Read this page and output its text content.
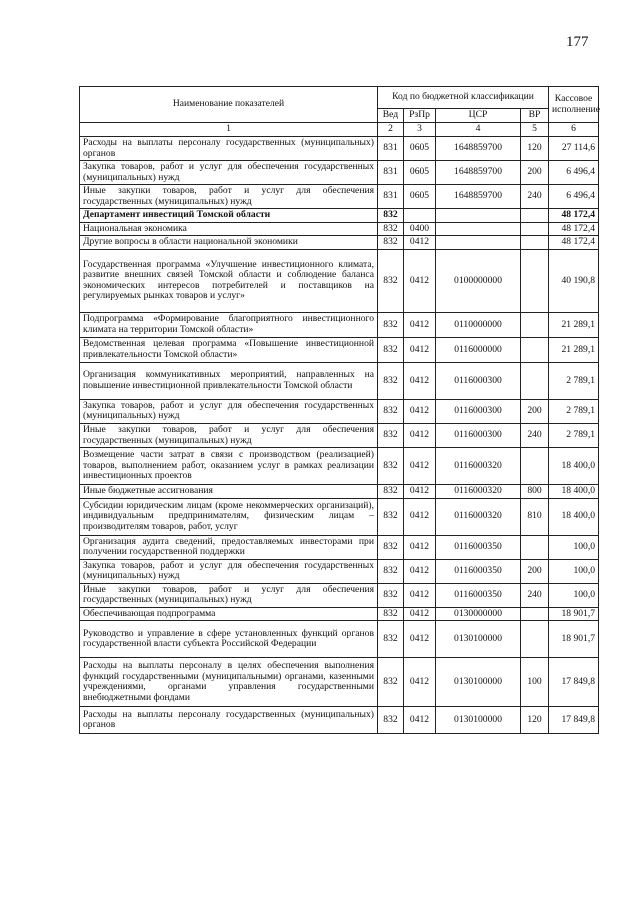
177
Наименование показателей	Код по бюджетной классификации				Кассовое исполнение
	Вед	РзПр	ЦСР	ВР	
1	2	3	4	5	6
Расходы на выплаты персоналу государственных (муниципальных) органов	831	0605	1648859700	120	27 114,6
Закупка товаров, работ и услуг для обеспечения государственных (муниципальных) нужд	831	0605	1648859700	200	6 496,4
Иные закупки товаров, работ и услуг для обеспечения государственных (муниципальных) нужд	831	0605	1648859700	240	6 496,4
Департамент инвестиций Томской области	832				48 172,4
Национальная экономика	832	0400			48 172,4
Другие вопросы в области национальной экономики	832	0412			48 172,4
Государственная программа «Улучшение инвестиционного климата, развитие внешних связей Томской области и соблюдение баланса экономических интересов потребителей и поставщиков на регулируемых рынках товаров и услуг»	832	0412	0100000000		40 190,8
Подпрограмма «Формирование благоприятного инвестиционного климата на территории Томской области»	832	0412	0110000000		21 289,1
Ведомственная целевая программа «Повышение инвестиционной привлекательности Томской области»	832	0412	0116000000		21 289,1
Организация коммуникативных мероприятий, направленных на повышение инвестиционной привлекательности Томской области	832	0412	0116000300		2 789,1
Закупка товаров, работ и услуг для обеспечения государственных (муниципальных) нужд	832	0412	0116000300	200	2 789,1
Иные закупки товаров, работ и услуг для обеспечения государственных (муниципальных) нужд	832	0412	0116000300	240	2 789,1
Возмещение части затрат в связи с производством (реализацией) товаров, выполнением работ, оказанием услуг в рамках реализации инвестиционных проектов	832	0412	0116000320		18 400,0
Иные бюджетные ассигнования	832	0412	0116000320	800	18 400,0
Субсидии юридическим лицам (кроме некоммерческих организаций), индивидуальным предпринимателям, физическим лицам – производителям товаров, работ, услуг	832	0412	0116000320	810	18 400,0
Организация аудита сведений, предоставляемых инвесторами при получении государственной поддержки	832	0412	0116000350		100,0
Закупка товаров, работ и услуг для обеспечения государственных (муниципальных) нужд	832	0412	0116000350	200	100,0
Иные закупки товаров, работ и услуг для обеспечения государственных (муниципальных) нужд	832	0412	0116000350	240	100,0
Обеспечивающая подпрограмма	832	0412	0130000000		18 901,7
Руководство и управление в сфере установленных функций органов государственной власти субъекта Российской Федерации	832	0412	0130100000		18 901,7
Расходы на выплаты персоналу в целях обеспечения выполнения функций государственными (муниципальными) органами, казенными учреждениями, органами управления государственными внебюджетными фондами	832	0412	0130100000	100	17 849,8
Расходы на выплаты персоналу государственных (муниципальных) органов	832	0412	0130100000	120	17 849,8
